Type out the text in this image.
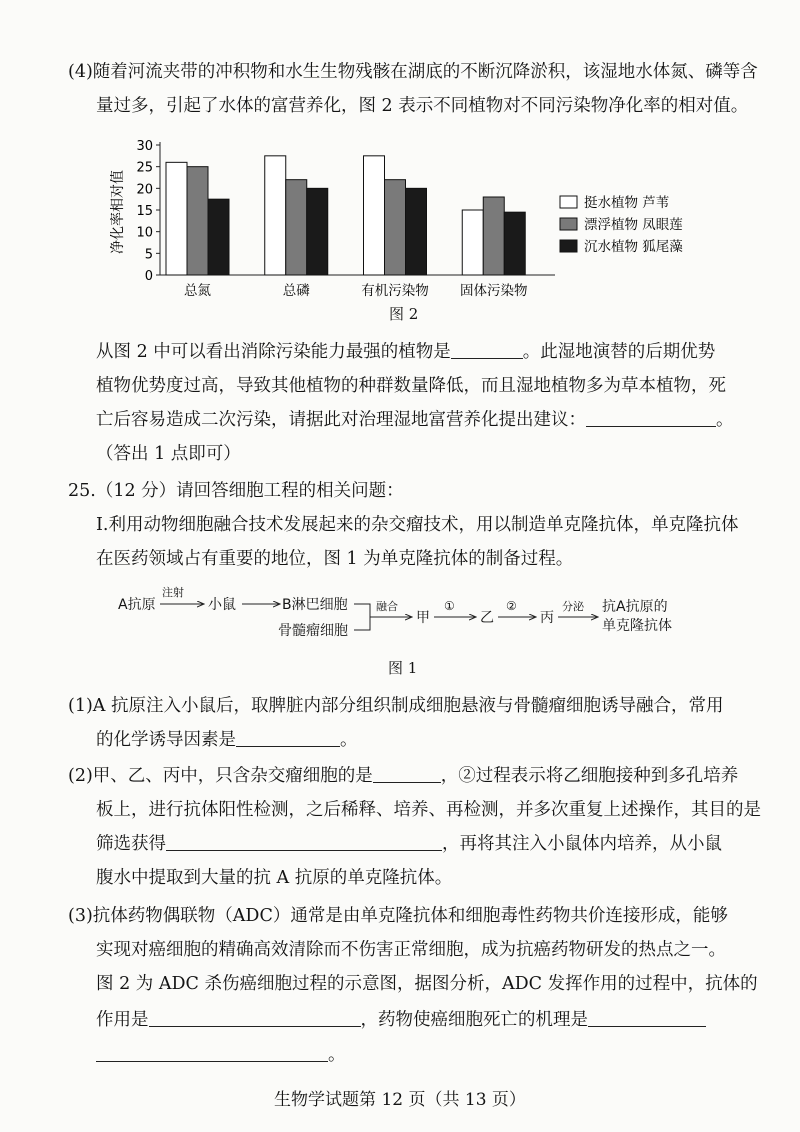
(4)随着河流夹带的冲积物和水生生物残骸在湖底的不断沉降淤积，该湿地水体氮、磷等含
量过多，引起了水体的富营养化，图 2 表示不同植物对不同污染物净化率的相对值。
净化率相对值
0
5
10
15
20
25
30
总氮	总磷	有机污染物 固体污染物
挺水植物 芦苇
漂浮植物 凤眼莲
沉水植物 狐尾藻
图 2
从图 2 中可以看出消除污染能力最强的植物是	。此湿地演替的后期优势
植物优势度过高，导致其他植物的种群数量降低，而且湿地植物多为草本植物，死
亡后容易造成二次污染，请据此对治理湿地富营养化提出建议：	。
（答出 1 点即可）
25.（12 分）请回答细胞工程的相关问题：
Ⅰ.利用动物细胞融合技术发展起来的杂交瘤技术，用以制造单克隆抗体，单克隆抗体
在医药领域占有重要的地位，图 1 为单克隆抗体的制备过程。
A抗原
注射
小鼠	B淋巴细胞
骨髓瘤细胞
融合
甲
①
乙
②
丙
分泌 抗A抗原的
单克隆抗体
图 1
(1)A 抗原注入小鼠后，取脾脏内部分组织制成细胞悬液与骨髓瘤细胞诱导融合，常用
的化学诱导因素是	。
(2)甲、乙、丙中，只含杂交瘤细胞的是	，②过程表示将乙细胞接种到多孔培养
板上，进行抗体阳性检测，之后稀释、培养、再检测，并多次重复上述操作，其目的是
筛选获得	，再将其注入小鼠体内培养，从小鼠
腹水中提取到大量的抗 A 抗原的单克隆抗体。
(3)抗体药物偶联物（ADC）通常是由单克隆抗体和细胞毒性药物共价连接形成，能够
实现对癌细胞的精确高效清除而不伤害正常细胞，成为抗癌药物研发的热点之一。
图 2 为 ADC 杀伤癌细胞过程的示意图，据图分析，ADC 发挥作用的过程中，抗体的
作用是	，药物使癌细胞死亡的机理是
。
生物学试题第 12 页（共 13 页）
